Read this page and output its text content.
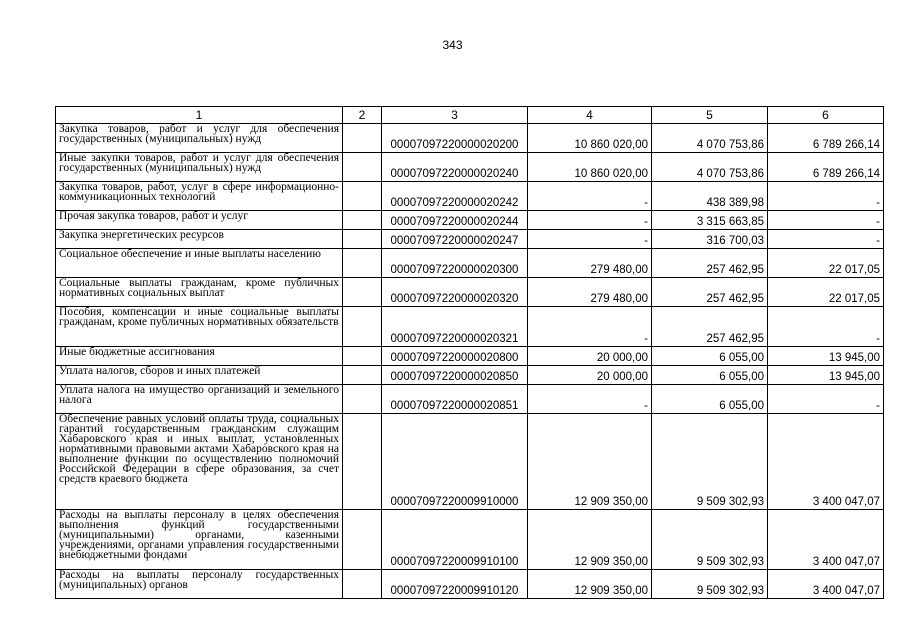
343
1	2	3	4	5	6
Закупка товаров, работ и услуг для обеспечения государственных (муниципальных) нужд		00007097220000020200	10 860 020,00	4 070 753,86	6 789 266,14
Иные закупки товаров, работ и услуг для обеспечения государственных (муниципальных) нужд		00007097220000020240	10 860 020,00	4 070 753,86	6 789 266,14
Закупка товаров, работ, услуг в сфере информационно-коммуникационных технологий		00007097220000020242	-	438 389,98	-
Прочая закупка товаров, работ и услуг		00007097220000020244	-	3 315 663,85	-
Закупка энергетических ресурсов		00007097220000020247	-	316 700,03	-
Социальное обеспечение и иные выплаты населению		00007097220000020300	279 480,00	257 462,95	22 017,05
Социальные выплаты гражданам, кроме публичных нормативных социальных выплат		00007097220000020320	279 480,00	257 462,95	22 017,05
Пособия, компенсации и иные социальные выплаты гражданам, кроме публичных нормативных обязательств		00007097220000020321	-	257 462,95	-
Иные бюджетные ассигнования		00007097220000020800	20 000,00	6 055,00	13 945,00
Уплата налогов, сборов и иных платежей		00007097220000020850	20 000,00	6 055,00	13 945,00
Уплата налога на имущество организаций и земельного налога		00007097220000020851	-	6 055,00	-
Обеспечение равных условий оплаты труда, социальных гарантий государственным гражданским служащим Хабаровского края и иных выплат, установленных нормативными правовыми актами Хабаровского края на выполнение функции по осуществлению полномочий Российской Федерации в сфере образования, за счет средств краевого бюджета		00007097220009910000	12 909 350,00	9 509 302,93	3 400 047,07
Расходы на выплаты персоналу в целях обеспечения выполнения функций государственными (муниципальными) органами, казенными учреждениями, органами управления государственными внебюджетными фондами		00007097220009910100	12 909 350,00	9 509 302,93	3 400 047,07
Расходы на выплаты персоналу государственных (муниципальных) органов		00007097220009910120	12 909 350,00	9 509 302,93	3 400 047,07
